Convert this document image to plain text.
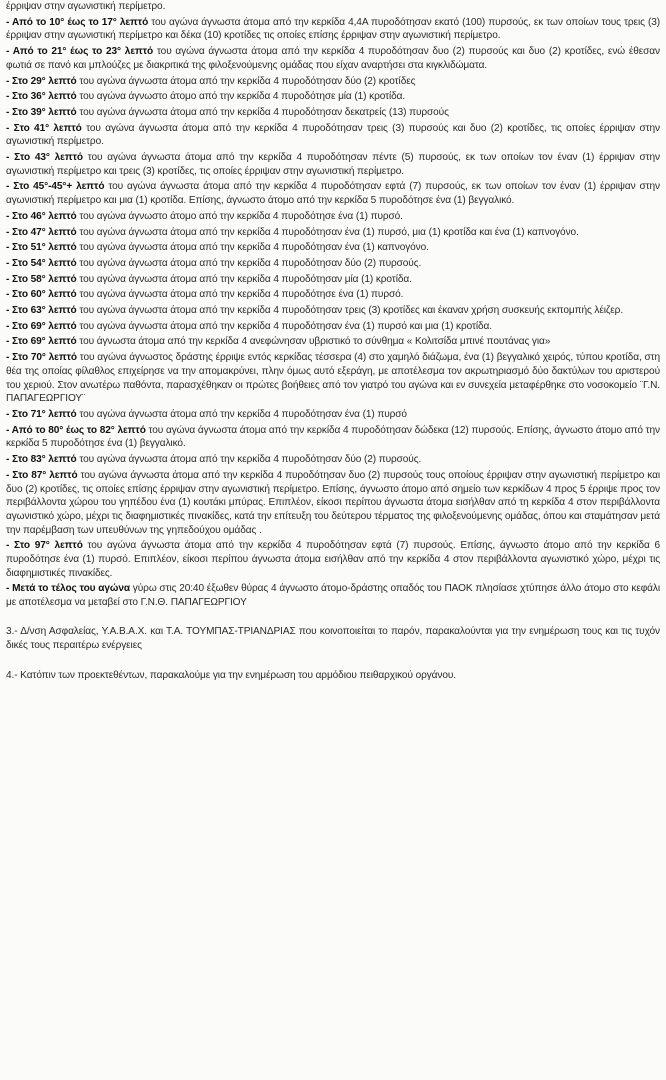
έρριψαν στην αγωνιστική περίμετρο.

- Από το 10° έως το 17° λεπτό του αγώνα άγνωστα άτομα από την κερκίδα 4,4Α πυροδότησαν εκατό (100) πυρσούς, εκ των οποίων τους τρεις (3) έρριψαν στην αγωνιστική περίμετρο και δέκα (10) κροτίδες τις οποίες επίσης έρριψαν στην αγωνιστική περίμετρο.

- Από το 21° έως το 23° λεπτό του αγώνα άγνωστα άτομα από την κερκίδα 4 πυροδότησαν δυο (2) πυρσούς και δυο (2) κροτίδες, ενώ έθεσαν φωτιά σε πανό και μπλούζες με διακριτικά της φιλοξενούμενης ομάδας που είχαν αναρτήσει στα κιγκλιδώματα.

- Στο 29° λεπτό του αγώνα άγνωστα άτομα από την κερκίδα 4 πυροδότησαν δύο (2) κροτίδες

- Στο 36° λεπτό του αγώνα άγνωστο άτομο από την κερκίδα 4 πυροδότησε μία (1) κροτίδα.

- Στο 39° λεπτό του αγώνα άγνωστα άτομα από την κερκίδα 4 πυροδότησαν δεκατρείς (13) πυρσούς

- Στο 41° λεπτό του αγώνα άγνωστα άτομα από την κερκίδα 4 πυροδότησαν τρεις (3) πυρσούς και δυο (2) κροτίδες, τις οποίες έρριψαν στην αγωνιστική περίμετρο.

- Στο 43° λεπτό του αγώνα άγνωστα άτομα από την κερκίδα 4 πυροδότησαν πέντε (5) πυρσούς, εκ των οποίων τον έναν (1) έρριψαν στην αγωνιστική περίμετρο και τρεις (3) κροτίδες, τις οποίες έρριψαν στην αγωνιστική περίμετρο.

- Στο 45°-45°+ λεπτό του αγώνα άγνωστα άτομα από την κερκίδα 4 πυροδότησαν εφτά (7) πυρσούς, εκ των οποίων τον έναν (1) έρριψαν στην αγωνιστική περίμετρο και μια (1) κροτίδα. Επίσης, άγνωστο άτομο από την κερκίδα 5 πυροδότησε ένα (1) βεγγαλικό.

- Στο 46° λεπτό του αγώνα άγνωστο άτομο από την κερκίδα 4 πυροδότησε ένα (1) πυρσό.

- Στο 47° λεπτό του αγώνα άγνωστα άτομα από την κερκίδα 4 πυροδότησαν ένα (1) πυρσό, μια (1) κροτίδα και ένα (1) καπνογόνο.

- Στο 51° λεπτό του αγώνα άγνωστα άτομα από την κερκίδα 4 πυροδότησαν ένα (1) καπνογόνο.

- Στο 54° λεπτό του αγώνα άγνωστα άτομα από την κερκίδα 4 πυροδότησαν δύο (2) πυρσούς.

- Στο 58° λεπτό του αγώνα άγνωστα άτομα από την κερκίδα 4 πυροδότησαν μία (1) κροτίδα.

- Στο 60° λεπτό του αγώνα άγνωστα άτομα από την κερκίδα 4 πυροδότησε ένα (1) πυρσό.

- Στο 63° λεπτό του αγώνα άγνωστα άτομα από την κερκίδα 4 πυροδότησαν τρεις (3) κροτίδες και έκαναν χρήση συσκευής εκπομπής λέιζερ.

- Στο 69° λεπτό του αγώνα άγνωστα άτομα από την κερκίδα 4 πυροδότησαν ένα (1) πυρσό και μια (1) κροτίδα.

- Στο 69° λεπτό του άγνωστα άτομα από την κερκίδα 4 ανεφώνησαν υβριστικό το σύνθημα « Κολιτσίδα μπινέ πουτάνας για»

- Στο 70° λεπτό του αγώνα άγνωστος δράστης έρριψε εντός κερκίδας τέσσερα (4) στο χαμηλό διάζωμα, ένα (1) βεγγαλικό χειρός, τύπου κροτίδα, στη θέα της οποίας φίλαθλος επιχείρησε να την απομακρύνει, πλην όμως αυτό εξεράγη, με αποτέλεσμα τον ακρωτηριασμό δύο δακτύλων του αριστερού του χεριού. Στον ανωτέρω παθόντα, παρασχέθηκαν οι πρώτες βοήθειες από τον γιατρό του αγώνα και εν συνεχεία μεταφέρθηκε στο νοσοκομείο ¨Γ.Ν. ΠΑΠΑΓΕΩΡΓΙΟΥ¨

- Στο 71° λεπτό του αγώνα άγνωστα άτομα από την κερκίδα 4 πυροδότησαν ένα (1) πυρσό

- Από το 80° έως το 82° λεπτό του αγώνα άγνωστα άτομα από την κερκίδα 4 πυροδότησαν δώδεκα (12) πυρσούς. Επίσης, άγνωστο άτομο από την κερκίδα 5 πυροδότησε ένα (1) βεγγαλικό.

- Στο 83° λεπτό του αγώνα άγνωστα άτομα από την κερκίδα 4 πυροδότησαν δύο (2) πυρσούς.

- Στο 87° λεπτό του αγώνα άγνωστα άτομα από την κερκίδα 4 πυροδότησαν δυο (2) πυρσούς τους οποίους έρριψαν στην αγωνιστική περίμετρο και δυο (2) κροτίδες, τις οποίες επίσης έρριψαν στην αγωνιστική περίμετρο. Επίσης, άγνωστο άτομο από σημείο των κερκίδων 4 προς 5 έρριψε προς τον περιβάλλοντα χώρου του γηπέδου ένα (1) κουτάκι μπύρας. Επιπλέον, είκοσι περίπου άγνωστα άτομα εισήλθαν από τη κερκίδα 4 στον περιβάλλοντα αγωνιστικό χώρο, μέχρι τις διαφημιστικές πινακίδες, κατά την επίτευξη του δεύτερου τέρματος της φιλοξενούμενης ομάδας, όπου και σταμάτησαν μετά την παρέμβαση των υπευθύνων της γηπεδούχου ομάδας .

- Στο 97° λεπτό του αγώνα άγνωστα άτομα από την κερκίδα 4 πυροδότησαν εφτά (7) πυρσούς. Επίσης, άγνωστο άτομο από την κερκίδα 6 πυροδότησε ένα (1) πυρσό. Επιπλέον, είκοσι περίπου άγνωστα άτομα εισήλθαν από την κερκίδα 4 στον περιβάλλοντα αγωνιστικό χώρο, μέχρι τις διαφημιστικές πινακίδες.

- Μετά το τέλος του αγώνα γύρω στις 20:40 έξωθεν θύρας 4 άγνωστο άτομο-δράστης οπαδός του ΠΑΟΚ πλησίασε χτύπησε άλλο άτομο στο κεφάλι με αποτέλεσμα να μεταβεί στο Γ.Ν.Θ. ΠΑΠΑΓΕΩΡΓΙΟΥ

3.- Δ/νση Ασφαλείας, Υ.Α.Β.Α.Χ. και Τ.Α. ΤΟΥΜΠΑΣ-ΤΡΙΑΝΔΡΙΑΣ που κοινοποιείται το παρόν, παρακαλούνται για την ενημέρωση τους και τις τυχόν δικές τους περαιτέρω ενέργειες

4.- Κατόπιν των προεκτεθέντων, παρακαλούμε για την ενημέρωση του αρμόδιου πειθαρχικού οργάνου.
